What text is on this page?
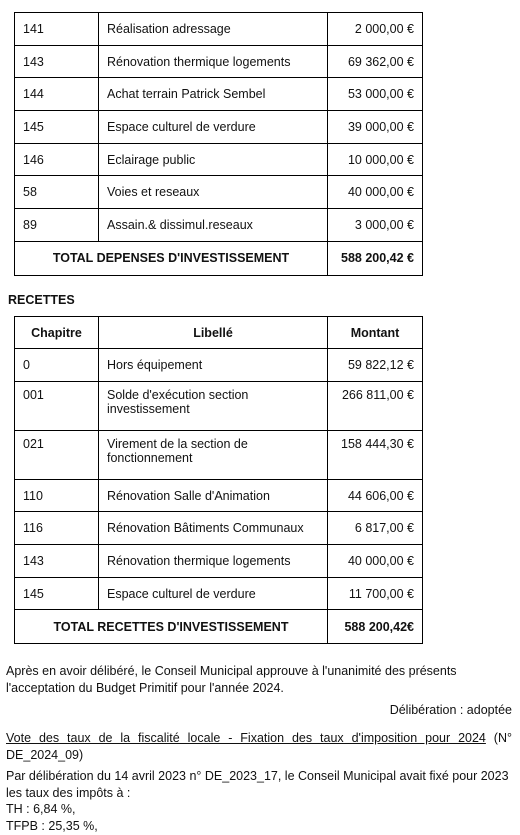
141	Réalisation adressage	2 000,00 €
143	Rénovation thermique logements	69 362,00 €
144	Achat terrain Patrick Sembel	53 000,00 €
145	Espace culturel de verdure	39 000,00 €
146	Eclairage public	10 000,00 €
58	Voies et reseaux	40 000,00 €
89	Assain.& dissimul.reseaux	3 000,00 €
TOTAL DEPENSES D'INVESTISSEMENT		588 200,42 €
RECETTES
Chapitre	Libellé	Montant
0	Hors équipement	59 822,12 €
001	Solde d'exécution section investissement	266 811,00 €
021	Virement de la section de fonctionnement	158 444,30 €
110	Rénovation Salle d'Animation	44 606,00 €
116	Rénovation Bâtiments Communaux	6 817,00 €
143	Rénovation thermique logements	40 000,00 €
145	Espace culturel de verdure	11 700,00 €
TOTAL RECETTES D'INVESTISSEMENT		588 200,42€
Après en avoir délibéré, le Conseil Municipal approuve à l'unanimité des présents l'acceptation du Budget Primitif pour l'année 2024.
Délibération : adoptée
Vote des taux de la fiscalité locale - Fixation des taux d'imposition pour 2024 (N° DE_2024_09)
Par délibération du 14 avril 2023 n° DE_2023_17, le Conseil Municipal avait fixé pour 2023 les taux des impôts à :
TH : 6,84 %,
TFPB : 25,35 %,
